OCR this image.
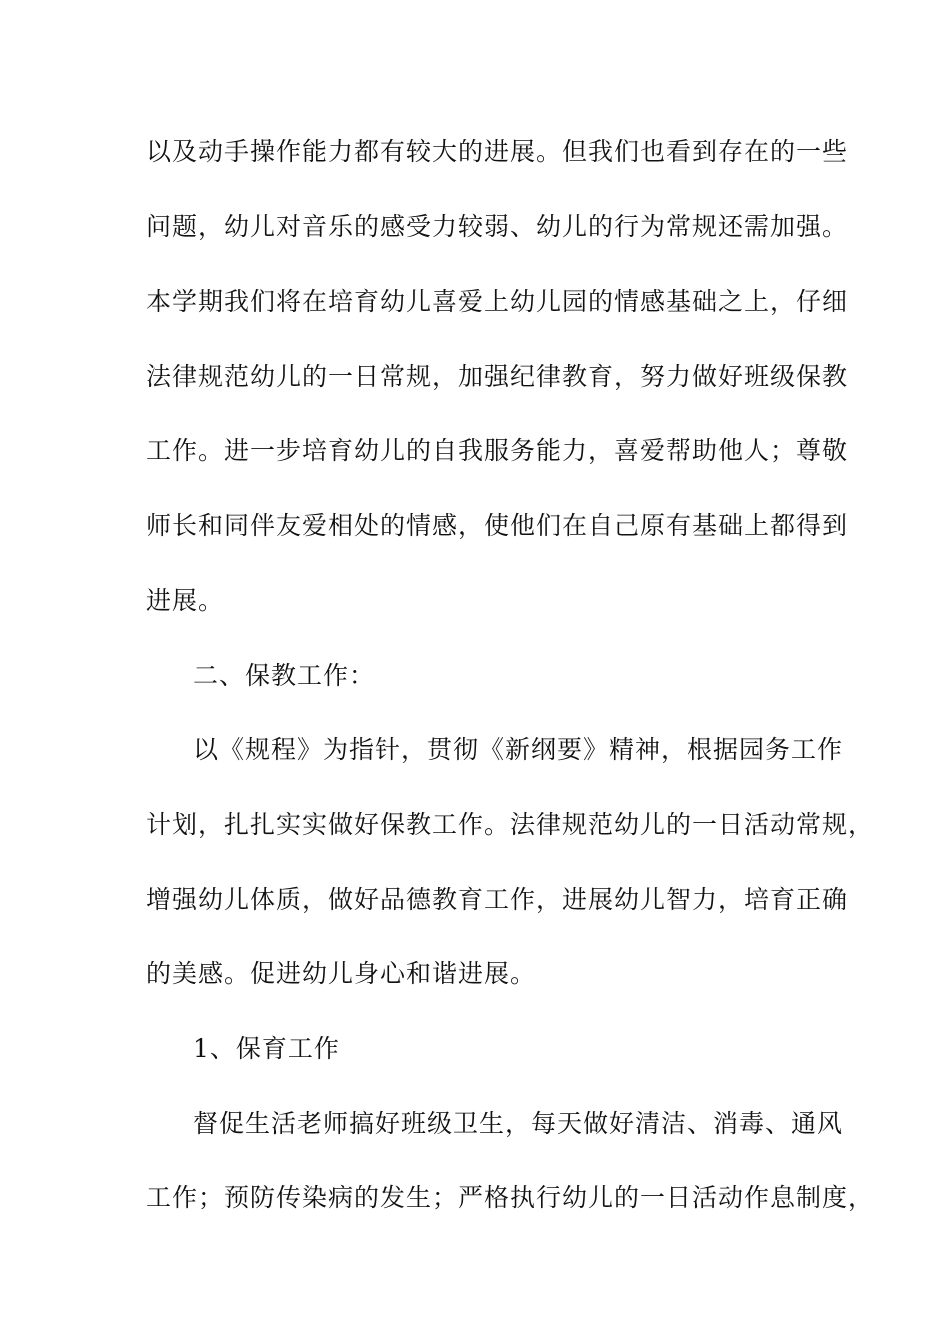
以及动手操作能力都有较大的进展。但我们也看到存在的一些
问题，幼儿对音乐的感受力较弱、幼儿的行为常规还需加强。
本学期我们将在培育幼儿喜爱上幼儿园的情感基础之上，仔细
法律规范幼儿的一日常规，加强纪律教育，努力做好班级保教
工作。进一步培育幼儿的自我服务能力，喜爱帮助他人；尊敬
师长和同伴友爱相处的情感，使他们在自己原有基础上都得到
进展。
二、保教工作：
以《规程》为指针，贯彻《新纲要》精神，根据园务工作
计划，扎扎实实做好保教工作。法律规范幼儿的一日活动常规，
增强幼儿体质，做好品德教育工作，进展幼儿智力，培育正确
的美感。促进幼儿身心和谐进展。
1、保育工作
督促生活老师搞好班级卫生，每天做好清洁、消毒、通风
工作；预防传染病的发生；严格执行幼儿的一日活动作息制度，
